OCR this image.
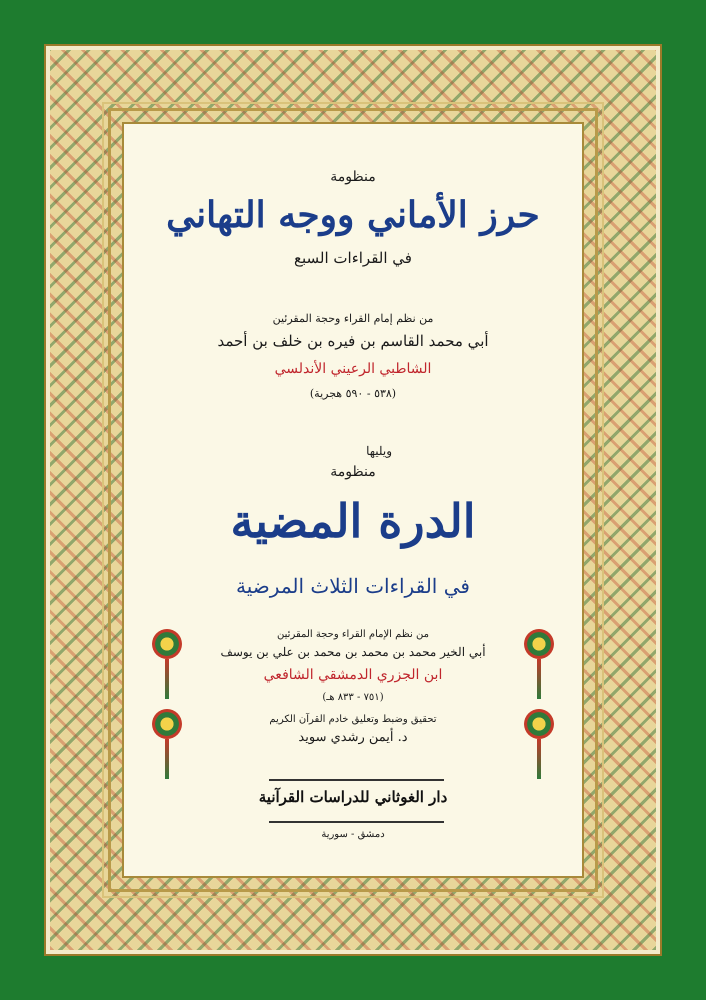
منظومة
حرز الأماني ووجه التهاني
في القراءات السبع
من نظم إمام القراء وحجة المقرئين
أبي محمد القاسم بن فيره بن خلف بن أحمد
الشاطبي الرعيني الأندلسي
(٥٣٨ - ٥٩٠ هجرية)
ويليها
منظومة
الدرة المضية
في القراءات الثلاث المرضية
من نظم الإمام القراء وحجة المقرئين
أبي الخير محمد بن محمد بن محمد بن علي بن يوسف
ابن الجزري الدمشقي الشافعي
(٧٥١ - ٨٣٣ هـ)
تحقيق وضبط وتعليق خادم القرآن الكريم
د. أيمن رشدي سويد
دار الغوثاني للدراسات القرآنية
دمشق - سورية
